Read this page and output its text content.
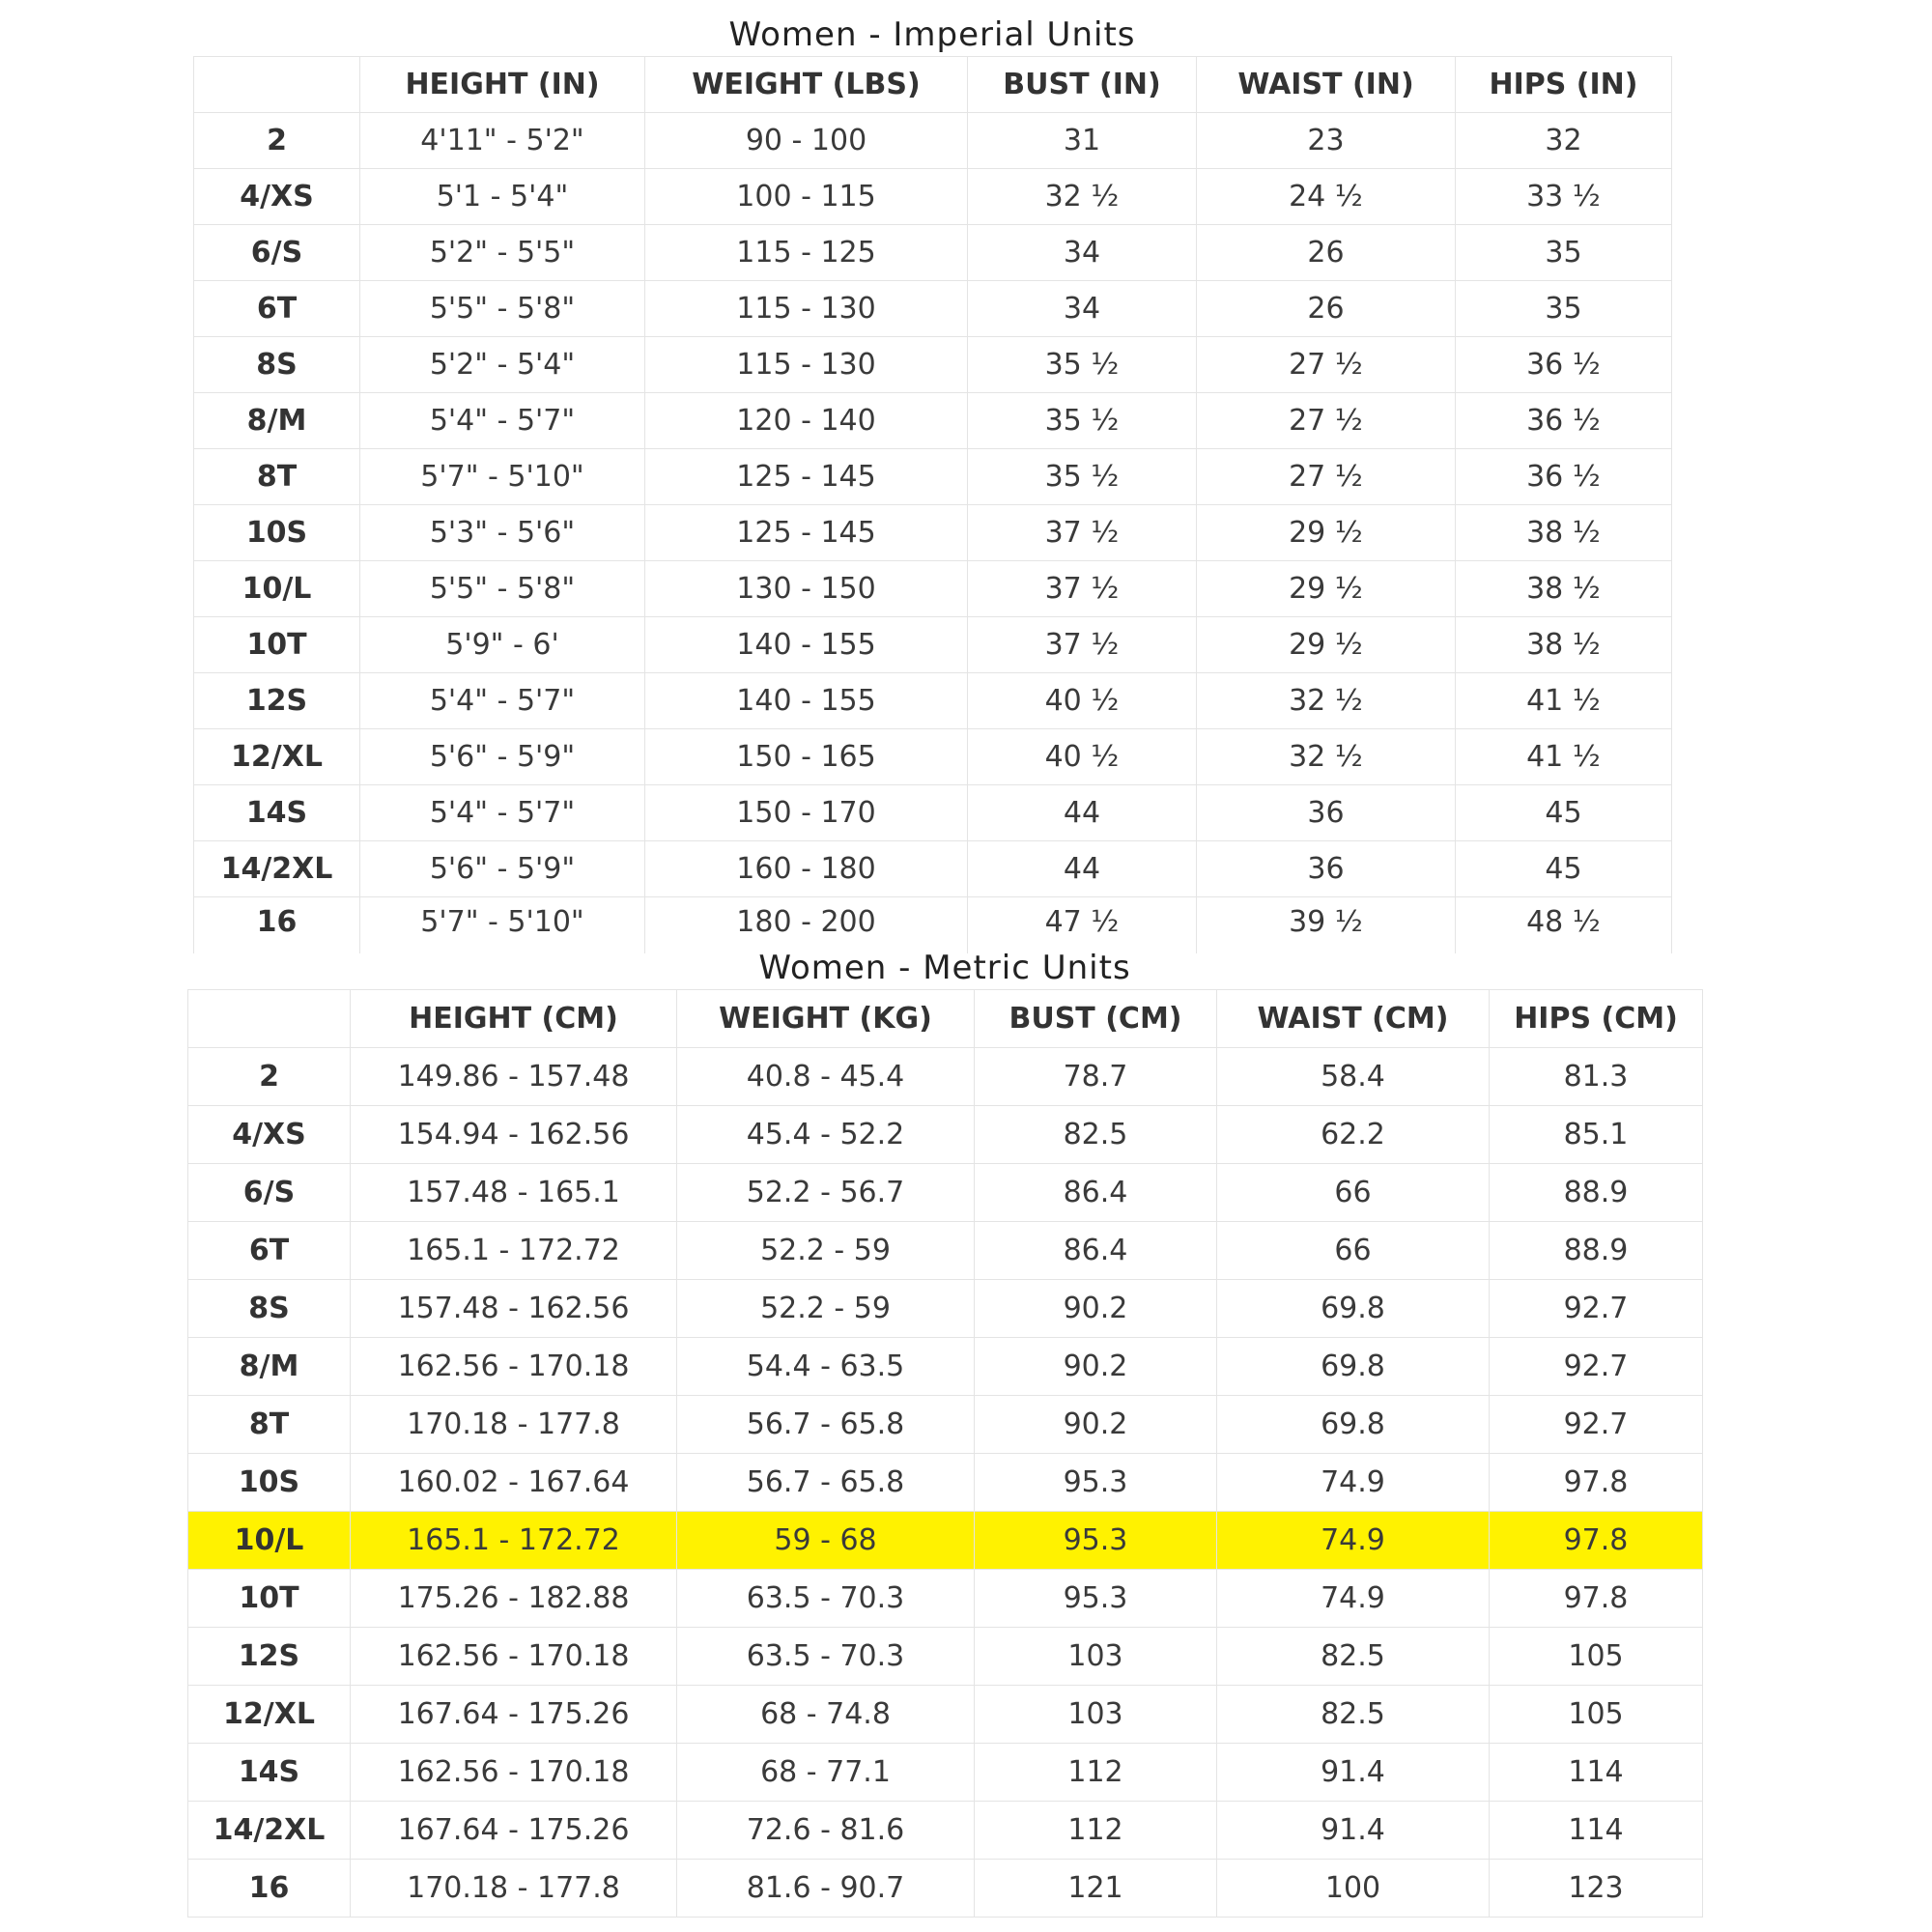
Women - Imperial Units
	HEIGHT (IN)	WEIGHT (LBS)	BUST (IN)	WAIST (IN)	HIPS (IN)
2	4'11" - 5'2"	90 - 100	31	23	32
4/XS	5'1 - 5'4"	100 - 115	32 ½	24 ½	33 ½
6/S	5'2" - 5'5"	115 - 125	34	26	35
6T	5'5" - 5'8"	115 - 130	34	26	35
8S	5'2" - 5'4"	115 - 130	35 ½	27 ½	36 ½
8/M	5'4" - 5'7"	120 - 140	35 ½	27 ½	36 ½
8T	5'7" - 5'10"	125 - 145	35 ½	27 ½	36 ½
10S	5'3" - 5'6"	125 - 145	37 ½	29 ½	38 ½
10/L	5'5" - 5'8"	130 - 150	37 ½	29 ½	38 ½
10T	5'9" - 6'	140 - 155	37 ½	29 ½	38 ½
12S	5'4" - 5'7"	140 - 155	40 ½	32 ½	41 ½
12/XL	5'6" - 5'9"	150 - 165	40 ½	32 ½	41 ½
14S	5'4" - 5'7"	150 - 170	44	36	45
14/2XL	5'6" - 5'9"	160 - 180	44	36	45
16	5'7" - 5'10"	180 - 200	47 ½	39 ½	48 ½
Women - Metric Units
	HEIGHT (CM)	WEIGHT (KG)	BUST (CM)	WAIST (CM)	HIPS (CM)
2	149.86 - 157.48	40.8 - 45.4	78.7	58.4	81.3
4/XS	154.94 - 162.56	45.4 - 52.2	82.5	62.2	85.1
6/S	157.48 - 165.1	52.2 - 56.7	86.4	66	88.9
6T	165.1 - 172.72	52.2 - 59	86.4	66	88.9
8S	157.48 - 162.56	52.2 - 59	90.2	69.8	92.7
8/M	162.56 - 170.18	54.4 - 63.5	90.2	69.8	92.7
8T	170.18 - 177.8	56.7 - 65.8	90.2	69.8	92.7
10S	160.02 - 167.64	56.7 - 65.8	95.3	74.9	97.8
10/L	165.1 - 172.72	59 - 68	95.3	74.9	97.8
10T	175.26 - 182.88	63.5 - 70.3	95.3	74.9	97.8
12S	162.56 - 170.18	63.5 - 70.3	103	82.5	105
12/XL	167.64 - 175.26	68 - 74.8	103	82.5	105
14S	162.56 - 170.18	68 - 77.1	112	91.4	114
14/2XL	167.64 - 175.26	72.6 - 81.6	112	91.4	114
16	170.18 - 177.8	81.6 - 90.7	121	100	123
